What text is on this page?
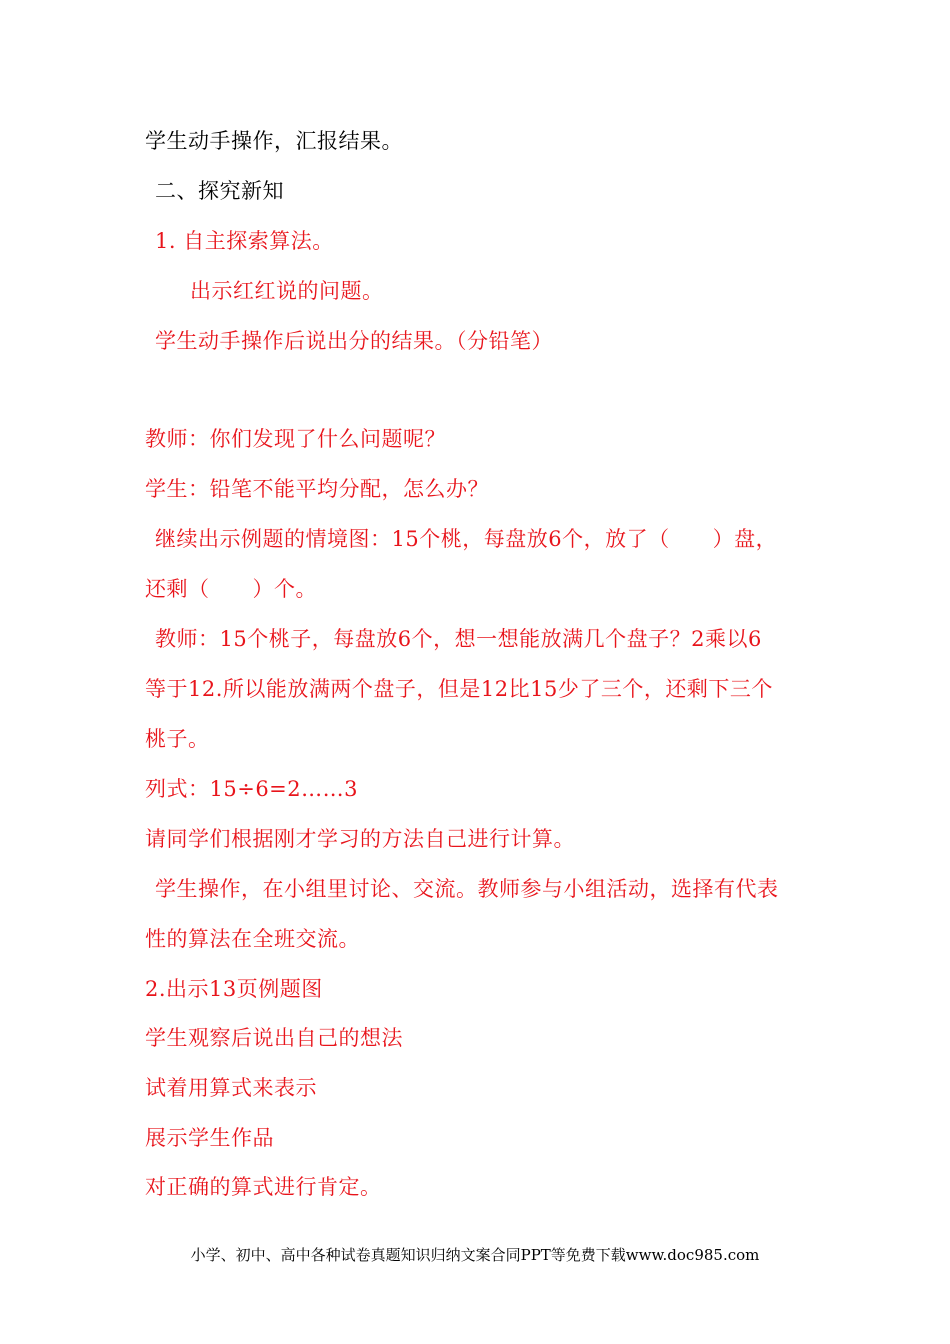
学生动手操作，汇报结果。
二、探究新知
1. 自主探索算法。
出示红红说的问题。
学生动手操作后说出分的结果。（分铅笔）
教师：你们发现了什么问题呢？
学生：铅笔不能平均分配，怎么办？
继续出示例题的情境图：15个桃，每盘放6个，放了（　　）盘，
还剩（　　）个。
教师：15个桃子，每盘放6个，想一想能放满几个盘子？2乘以6
等于12.所以能放满两个盘子，但是12比15少了三个，还剩下三个
桃子。
列式：15÷6=2……3
请同学们根据刚才学习的方法自己进行计算。
学生操作，在小组里讨论、交流。教师参与小组活动，选择有代表
性的算法在全班交流。
2.出示13页例题图
学生观察后说出自己的想法
试着用算式来表示
展示学生作品
对正确的算式进行肯定。
小学、初中、高中各种试卷真题知识归纳文案合同PPT等免费下载www.doc985.com
